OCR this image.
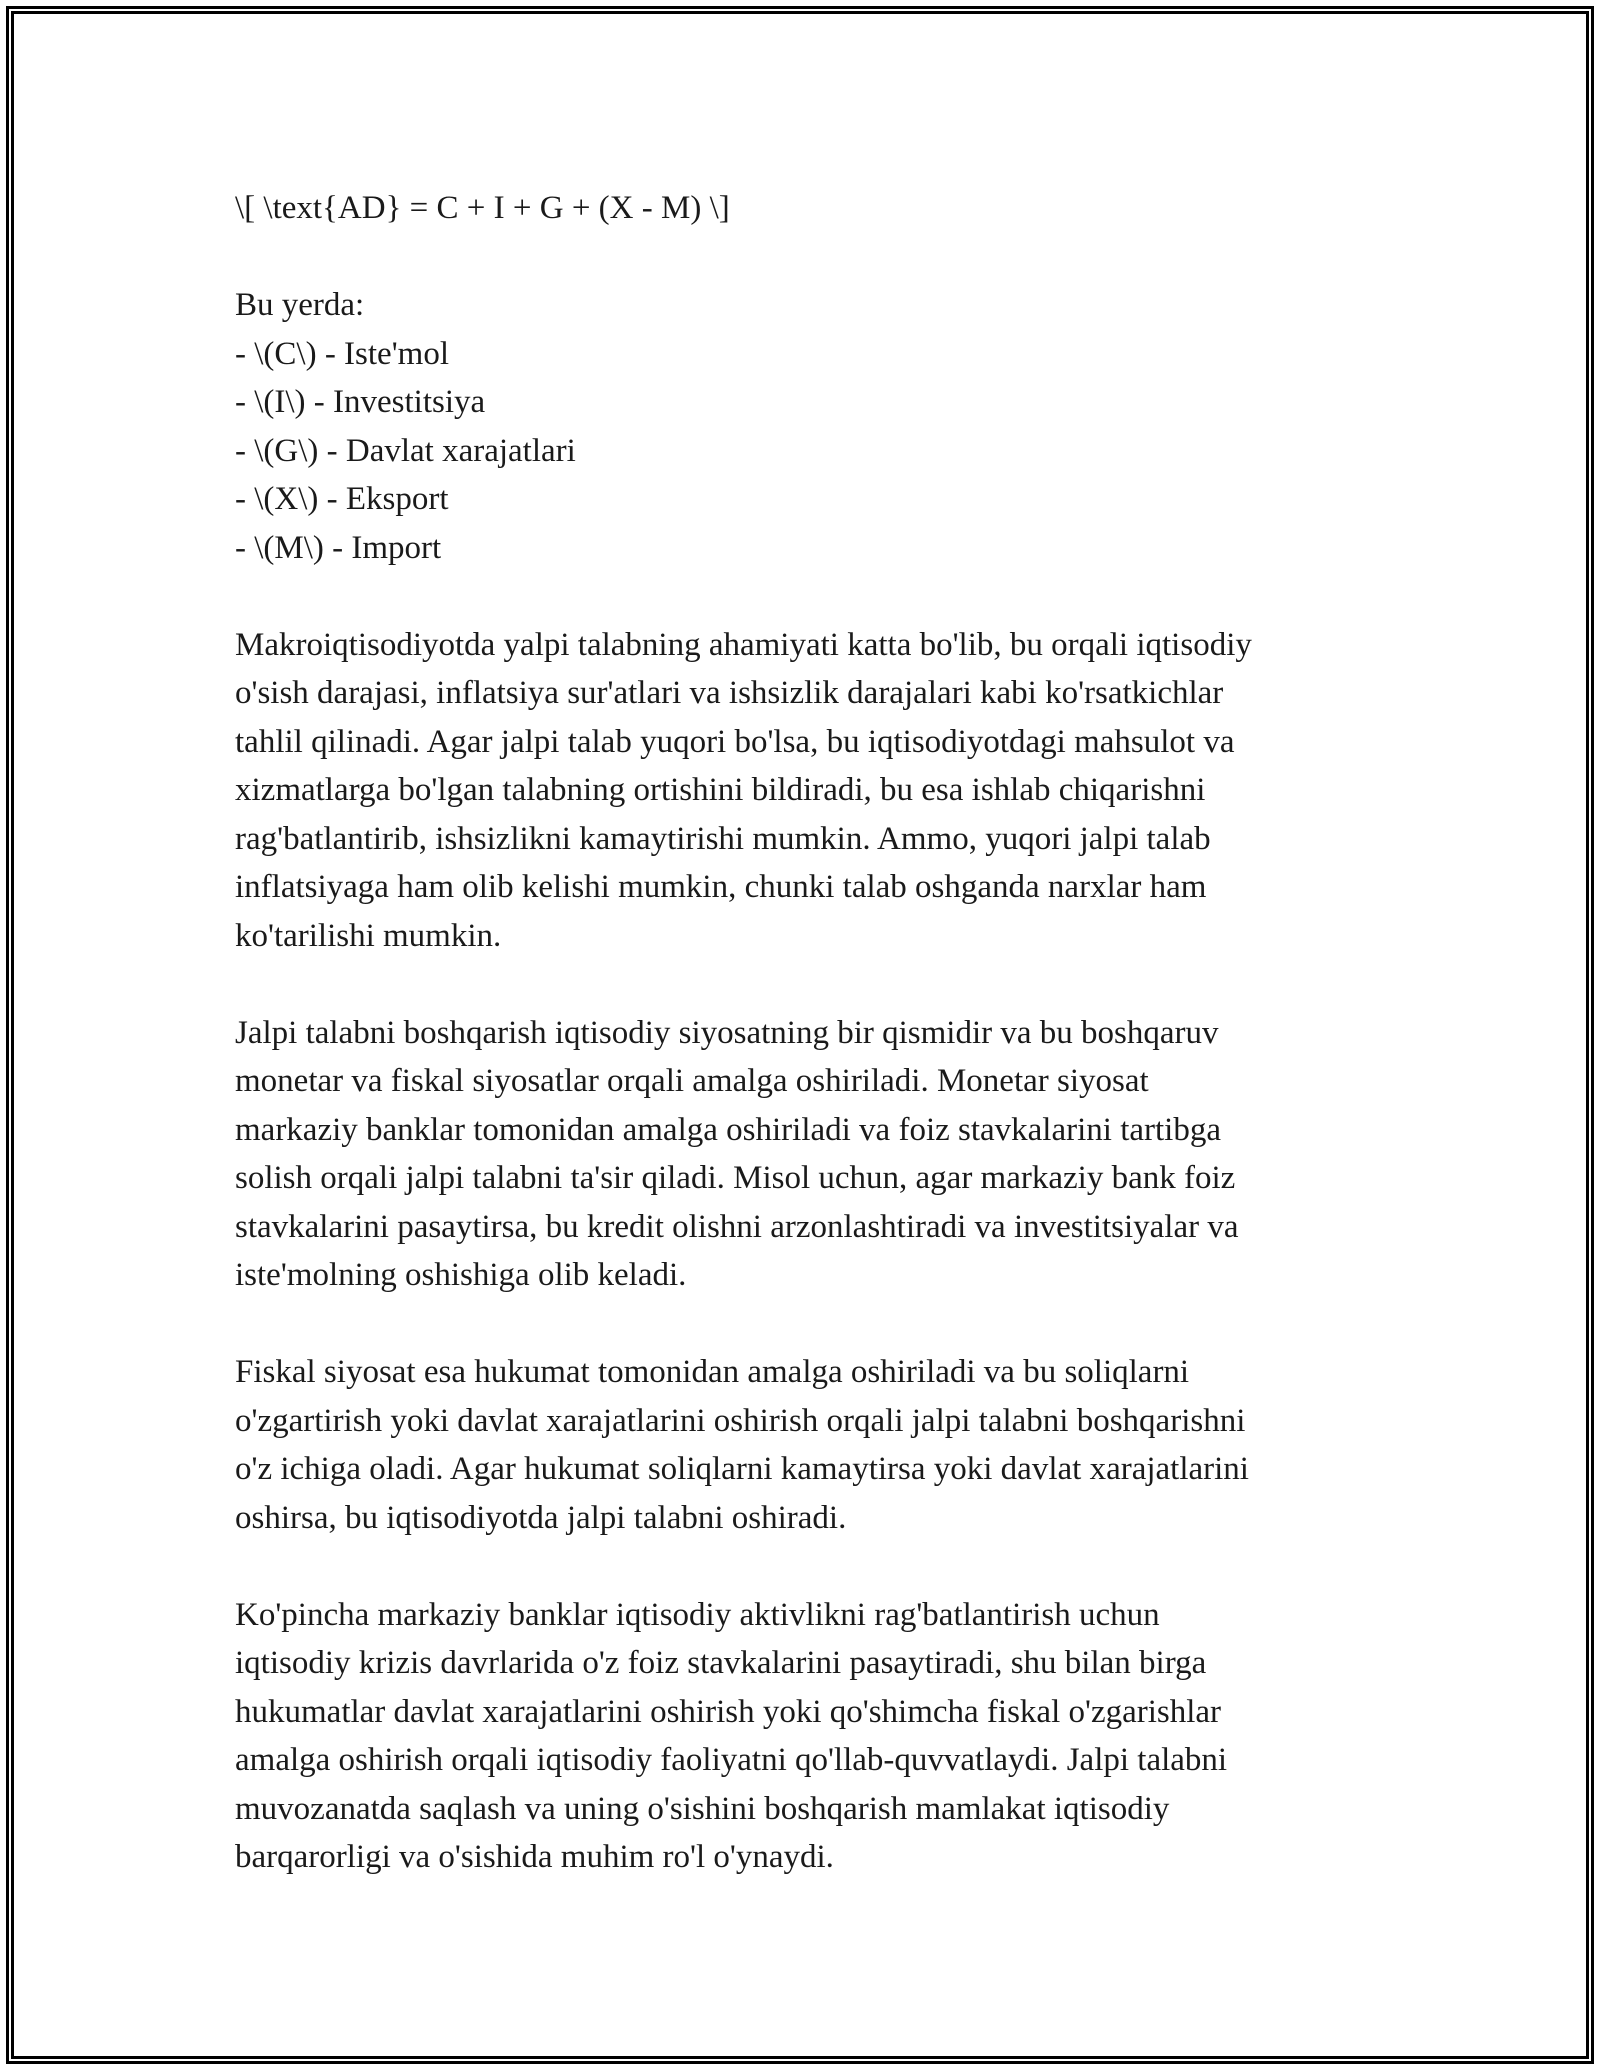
\[ \text{AD} = C + I + G + (X - M) \]

Bu yerda:

- \(C\) - Iste'mol
- \(I\) - Investitsiya
- \(G\) - Davlat xarajatlari
- \(X\) - Eksport
- \(M\) - Import
Makroiqtisodiyotda yalpi talabning ahamiyati katta bo'lib, bu orqali iqtisodiy
o'sish darajasi, inflatsiya sur'atlari va ishsizlik darajalari kabi ko'rsatkichlar
tahlil qilinadi. Agar jalpi talab yuqori bo'lsa, bu iqtisodiyotdagi mahsulot va
xizmatlarga bo'lgan talabning ortishini bildiradi, bu esa ishlab chiqarishni
rag'batlantirib, ishsizlikni kamaytirishi mumkin. Ammo, yuqori jalpi talab
inflatsiyaga ham olib kelishi mumkin, chunki talab oshganda narxlar ham
ko'tarilishi mumkin.
Jalpi talabni boshqarish iqtisodiy siyosatning bir qismidir va bu boshqaruv
monetar va fiskal siyosatlar orqali amalga oshiriladi. Monetar siyosat
markaziy banklar tomonidan amalga oshiriladi va foiz stavkalarini tartibga
solish orqali jalpi talabni ta'sir qiladi. Misol uchun, agar markaziy bank foiz
stavkalarini pasaytirsa, bu kredit olishni arzonlashtiradi va investitsiyalar va
iste'molning oshishiga olib keladi.
Fiskal siyosat esa hukumat tomonidan amalga oshiriladi va bu soliqlarni
o'zgartirish yoki davlat xarajatlarini oshirish orqali jalpi talabni boshqarishni
o'z ichiga oladi. Agar hukumat soliqlarni kamaytirsa yoki davlat xarajatlarini
oshirsa, bu iqtisodiyotda jalpi talabni oshiradi.
Ko'pincha markaziy banklar iqtisodiy aktivlikni rag'batlantirish uchun
iqtisodiy krizis davrlarida o'z foiz stavkalarini pasaytiradi, shu bilan birga
hukumatlar davlat xarajatlarini oshirish yoki qo'shimcha fiskal o'zgarishlar
amalga oshirish orqali iqtisodiy faoliyatni qo'llab-quvvatlaydi. Jalpi talabni
muvozanatda saqlash va uning o'sishini boshqarish mamlakat iqtisodiy
barqarorligi va o'sishida muhim ro'l o'ynaydi.
